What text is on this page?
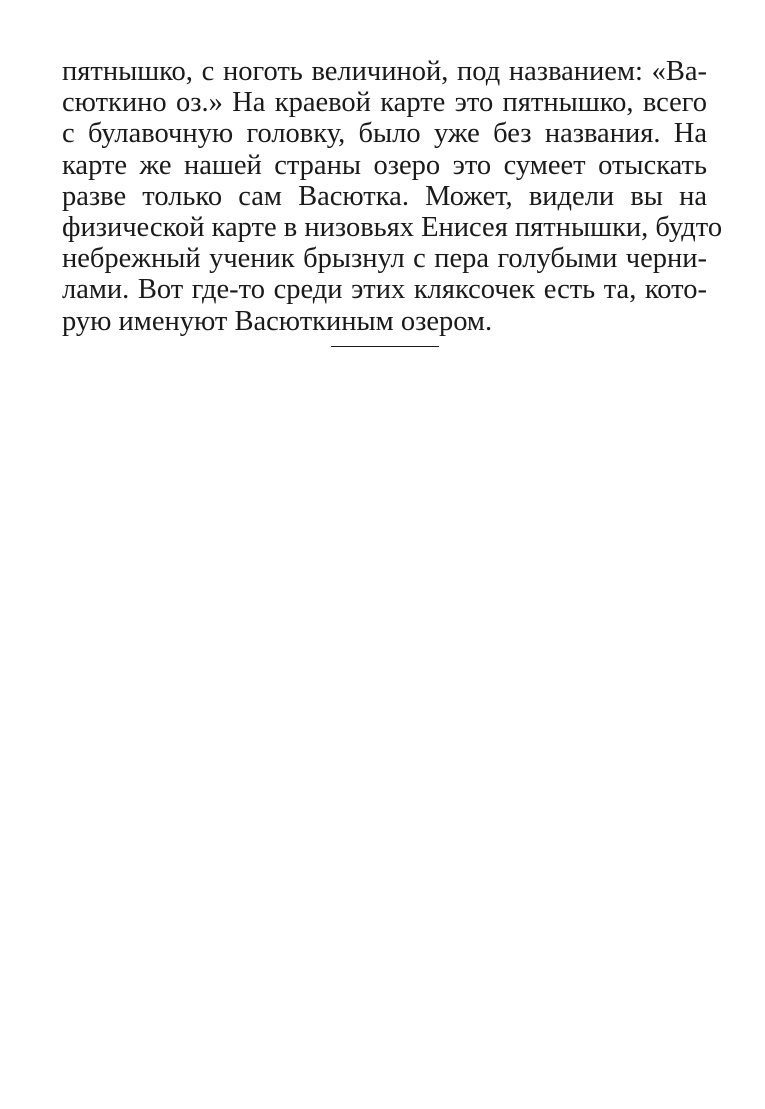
пятнышко, с ноготь величиной, под названием: «Ва-
сюткино оз.» На краевой карте это пятнышко, всего
с булавочную головку, было уже без названия. На
карте же нашей страны озеро это сумеет отыскать
разве только сам Васютка. Может, видели вы на
физической карте в низовьях Енисея пятнышки, будто
небрежный ученик брызнул с пера голубыми черни-
лами. Вот где-то среди этих кляксочек есть та, кото-
рую именуют Васюткиным озером.
